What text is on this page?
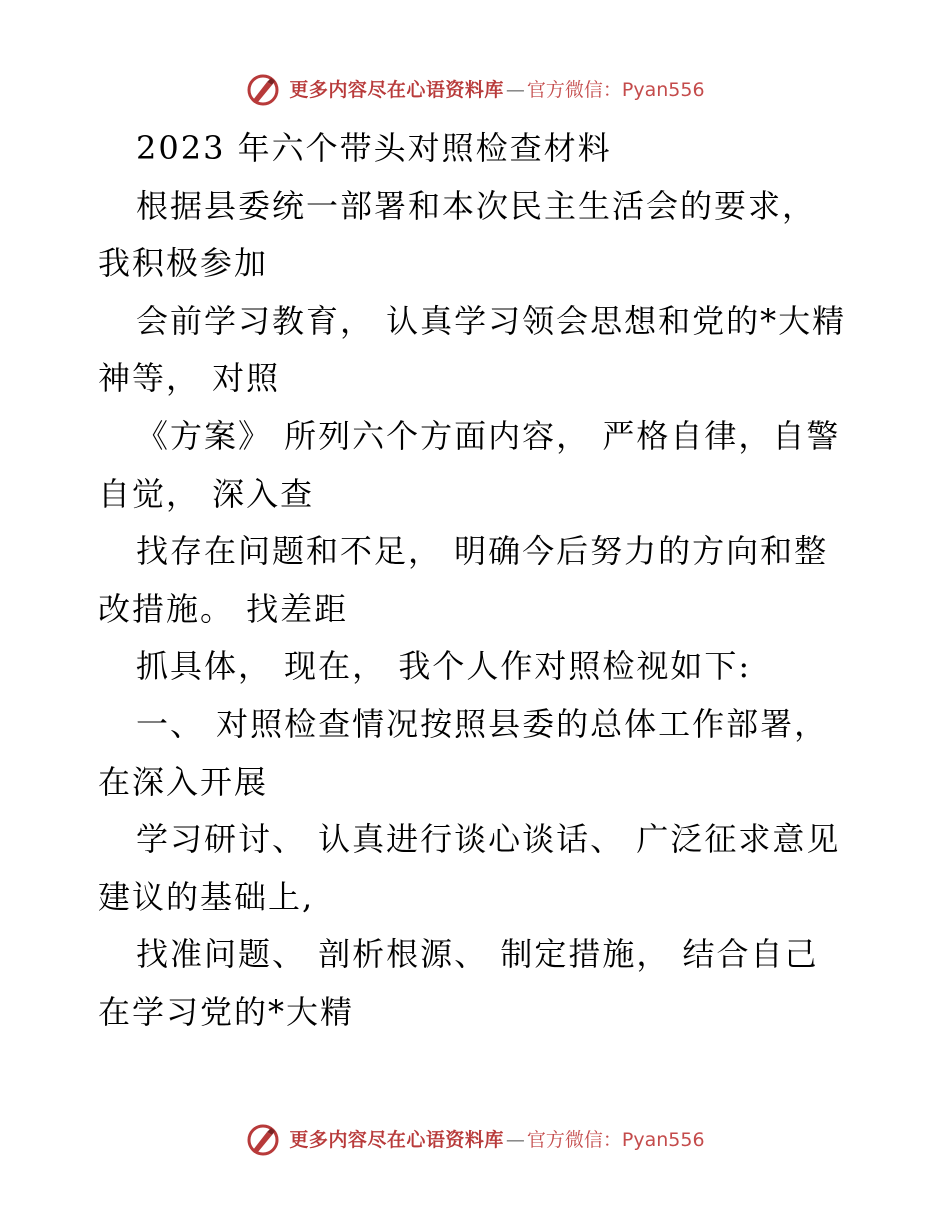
更多内容尽在心语资料库 — 官方微信：Pyan556
2023 年六个带头对照检查材料
根据县委统一部署和本次民主生活会的要求，
我积极参加
会前学习教育， 认真学习领会思想和党的*大精
神等， 对照
《方案》 所列六个方面内容， 严格自律，自警
自觉， 深入查
找存在问题和不足， 明确今后努力的方向和整
改措施。 找差距
抓具体， 现在， 我个人作对照检视如下:
一、 对照检查情况按照县委的总体工作部署，
在深入开展
学习研讨、 认真进行谈心谈话、 广泛征求意见
建议的基础上,
找准问题、 剖析根源、 制定措施， 结合自己
在学习党的*大精
更多内容尽在心语资料库 — 官方微信：Pyan556
